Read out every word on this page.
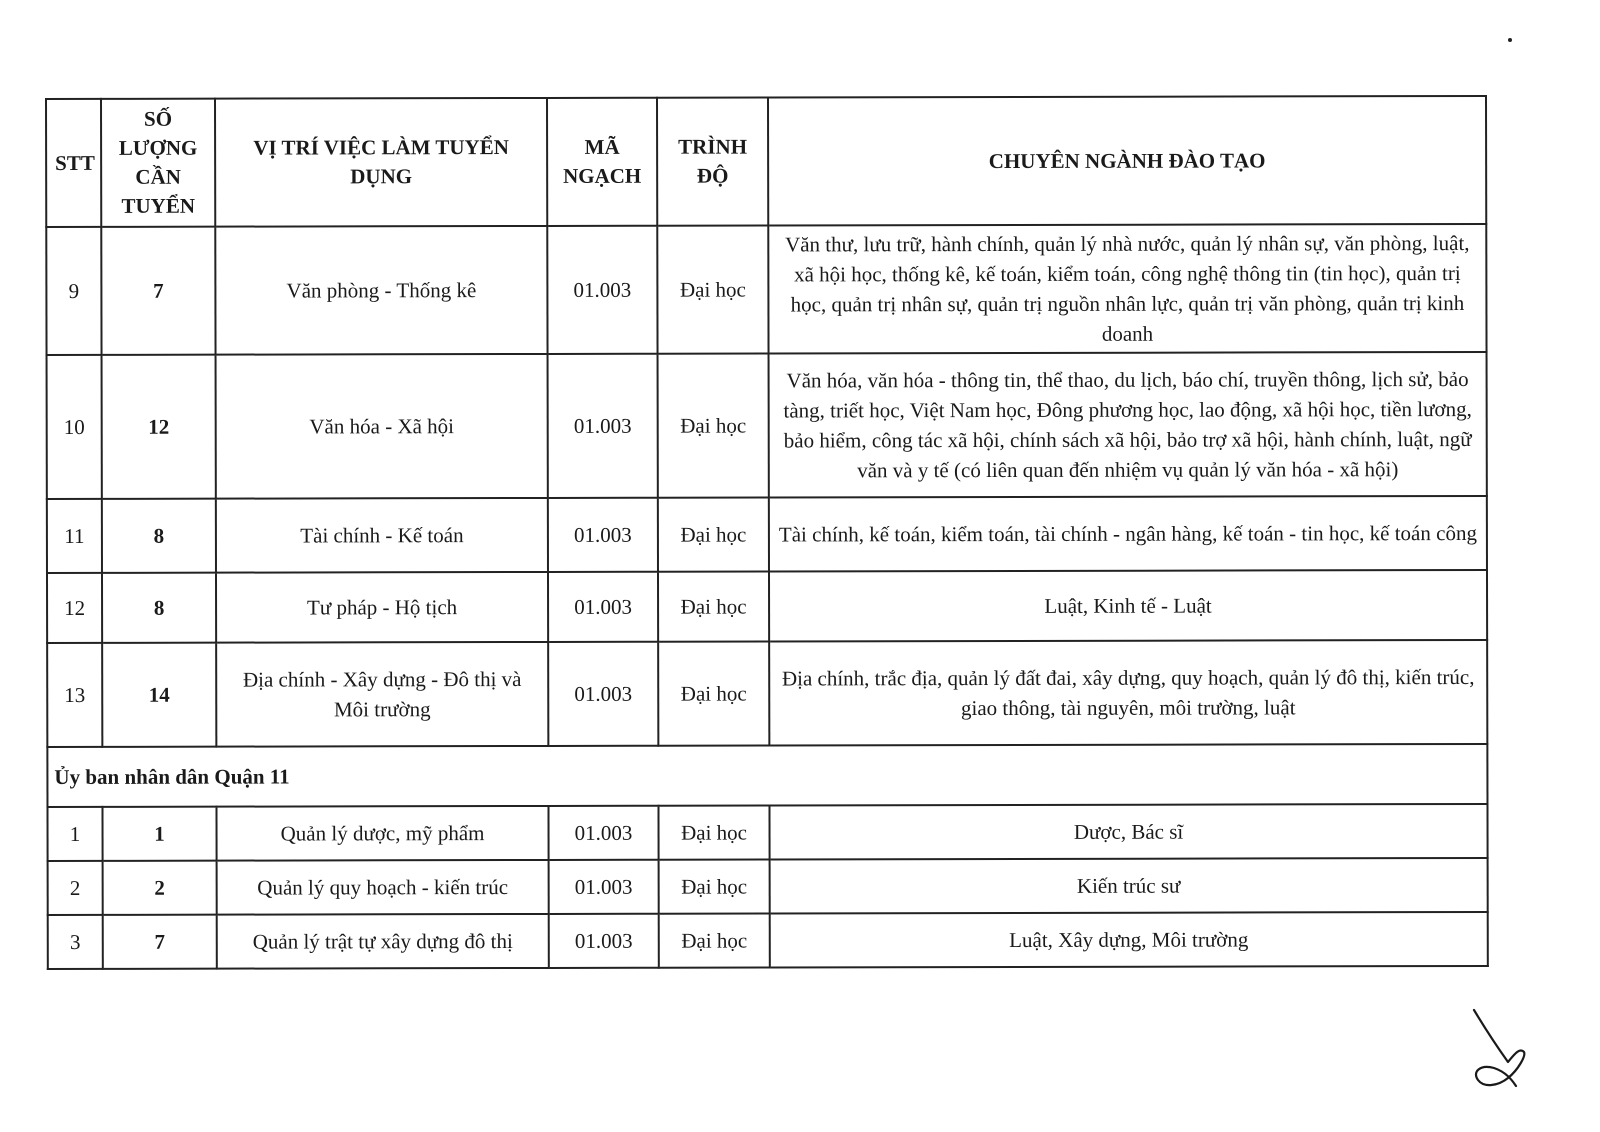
STT	SỐ LƯỢNG CẦN TUYỂN	VỊ TRÍ VIỆC LÀM TUYỂN DỤNG	MÃ NGẠCH	TRÌNH ĐỘ	CHUYÊN NGÀNH ĐÀO TẠO
9	7	Văn phòng - Thống kê	01.003	Đại học	Văn thư, lưu trữ, hành chính, quản lý nhà nước, quản lý nhân sự, văn phòng, luật, xã hội học, thống kê, kế toán, kiểm toán, công nghệ thông tin (tin học), quản trị học, quản trị nhân sự, quản trị nguồn nhân lực, quản trị văn phòng, quản trị kinh doanh
10	12	Văn hóa - Xã hội	01.003	Đại học	Văn hóa, văn hóa - thông tin, thể thao, du lịch, báo chí, truyền thông, lịch sử, bảo tàng, triết học, Việt Nam học, Đông phương học, lao động, xã hội học, tiền lương, bảo hiểm, công tác xã hội, chính sách xã hội, bảo trợ xã hội, hành chính, luật, ngữ văn và y tế (có liên quan đến nhiệm vụ quản lý văn hóa - xã hội)
11	8	Tài chính - Kế toán	01.003	Đại học	Tài chính, kế toán, kiểm toán, tài chính - ngân hàng, kế toán - tin học, kế toán công
12	8	Tư pháp - Hộ tịch	01.003	Đại học	Luật, Kinh tế - Luật
13	14	Địa chính - Xây dựng - Đô thị và Môi trường	01.003	Đại học	Địa chính, trắc địa, quản lý đất đai, xây dựng, quy hoạch, quản lý đô thị, kiến trúc, giao thông, tài nguyên, môi trường, luật
Ủy ban nhân dân Quận 11					
1	1	Quản lý dược, mỹ phẩm	01.003	Đại học	Dược, Bác sĩ
2	2	Quản lý quy hoạch - kiến trúc	01.003	Đại học	Kiến trúc sư
3	7	Quản lý trật tự xây dựng đô thị	01.003	Đại học	Luật, Xây dựng, Môi trường
